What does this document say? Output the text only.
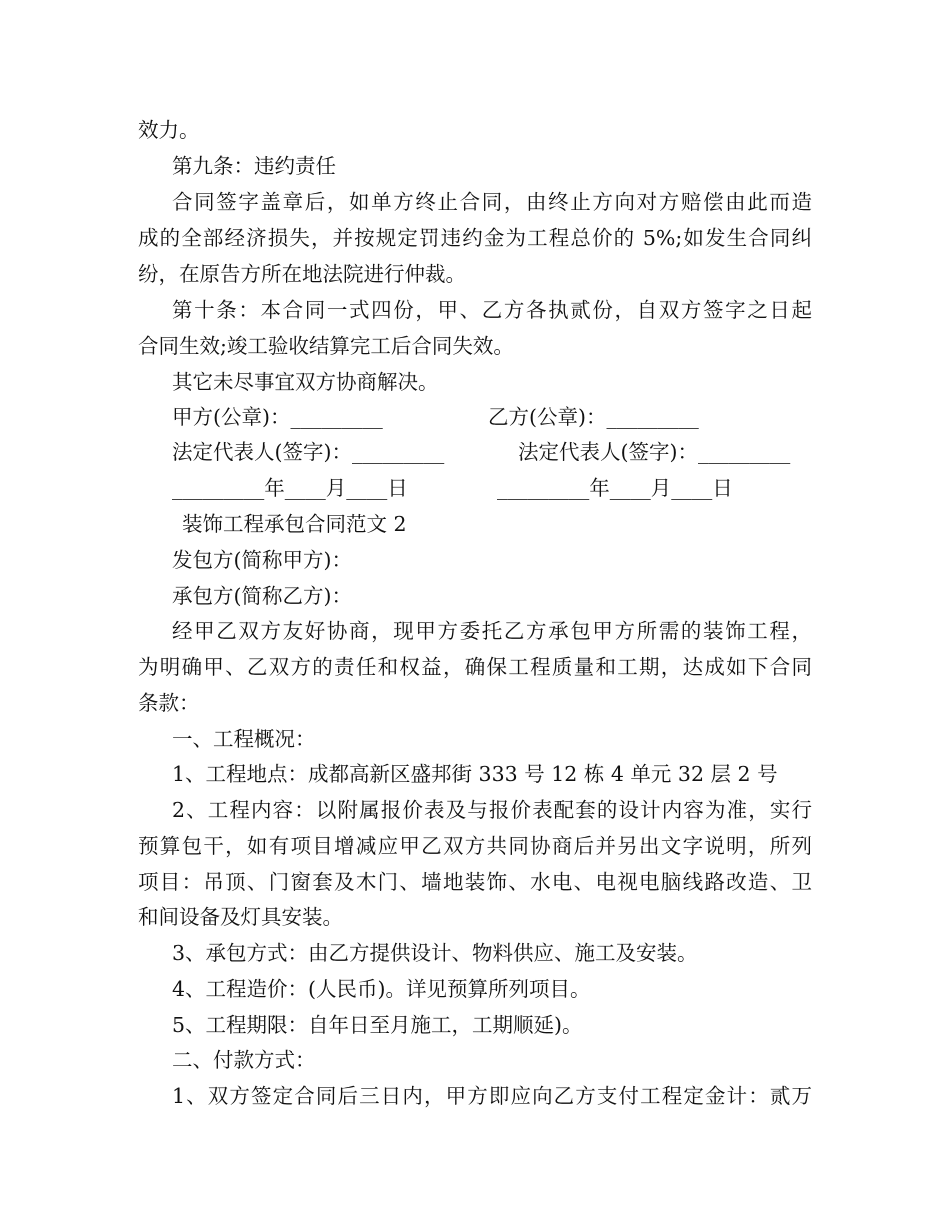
效力。
第九条：违约责任
合同签字盖章后，如单方终止合同，由终止方向对方赔偿由此而造
成的全部经济损失，并按规定罚违约金为工程总价的 5%;如发生合同纠
纷，在原告方所在地法院进行仲裁。
第十条：本合同一式四份，甲、乙方各执贰份，自双方签字之日起
合同生效;竣工验收结算完工后合同失效。
其它未尽事宜双方协商解决。
甲方(公章)：_________	乙方(公章)：_________
法定代表人(签字)：_________	法定代表人(签字)：_________
_________年____月____日	_________年____月____日
装饰工程承包合同范文 2
发包方(简称甲方)：
承包方(简称乙方)：
经甲乙双方友好协商，现甲方委托乙方承包甲方所需的装饰工程，
为明确甲、乙双方的责任和权益，确保工程质量和工期，达成如下合同
条款：
一、工程概况：
1、工程地点：成都高新区盛邦街 333 号 12 栋 4 单元 32 层 2 号
2、工程内容：以附属报价表及与报价表配套的设计内容为准，实行
预算包干，如有项目增减应甲乙双方共同协商后并另出文字说明，所列
项目：吊顶、门窗套及木门、墙地装饰、水电、电视电脑线路改造、卫
和间设备及灯具安装。
3、承包方式：由乙方提供设计、物料供应、施工及安装。
4、工程造价：(人民币)。详见预算所列项目。
5、工程期限：自年日至月施工，工期顺延)。
二、付款方式：
1、双方签定合同后三日内，甲方即应向乙方支付工程定金计：贰万
